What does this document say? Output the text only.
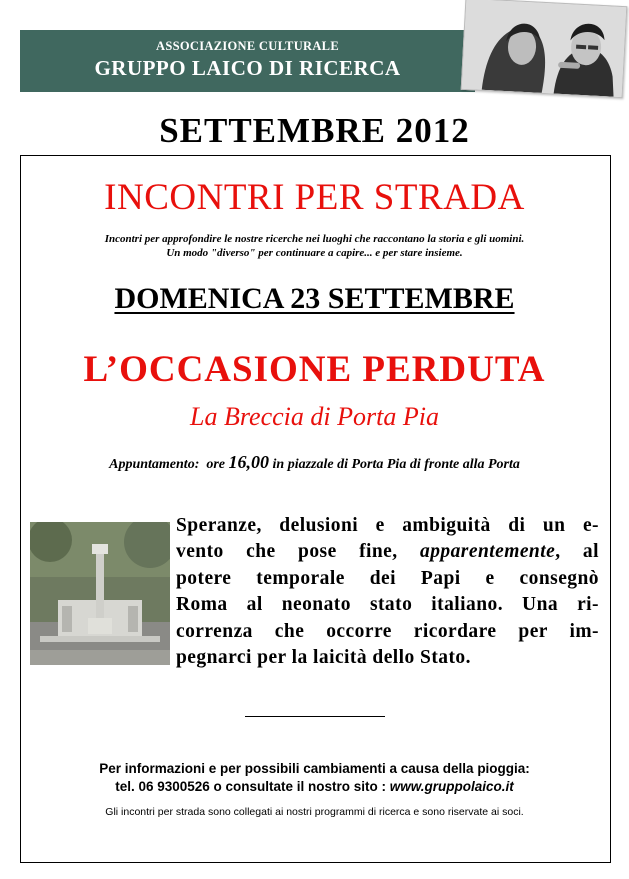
ASSOCIAZIONE CULTURALE
GRUPPO LAICO DI RICERCA
SETTEMBRE 2012
INCONTRI PER STRADA
Incontri per approfondire le nostre ricerche nei luoghi che raccontano la storia e gli uomini.
Un modo "diverso" per continuare a capire... e per stare insieme.
DOMENICA 23 SETTEMBRE
L’OCCASIONE PERDUTA
La Breccia di Porta Pia
Appuntamento: ore 16,00 in piazzale di Porta Pia di fronte alla Porta
Speranze, delusioni e ambiguità di un e-
vento che pose fine, apparentemente, al
potere temporale dei Papi e consegnò
Roma al neonato stato italiano. Una ri-
correnza che occorre ricordare per im-
pegnarci per la laicità dello Stato.
Per informazioni e per possibili cambiamenti a causa della pioggia:
tel. 06 9300526 o consultate il nostro sito : www.gruppolaico.it
Gli incontri per strada sono collegati ai nostri programmi di ricerca e sono riservate ai soci.
